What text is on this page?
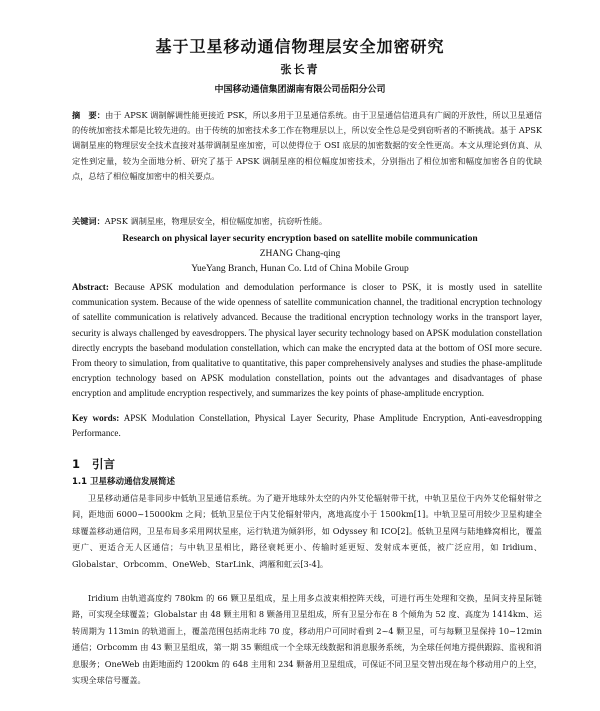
基于卫星移动通信物理层安全加密研究
张长青
中国移动通信集团湖南有限公司岳阳分公司
摘　要：由于 APSK 调制解调性能更接近 PSK，所以多用于卫星通信系统。由于卫星通信信道具有广阔的开放性，所以卫星通信的传统加密技术都是比较先进的。由于传统的加密技术多工作在物理层以上，所以安全性总是受到窃听者的不断挑战。基于 APSK 调制星座的物理层安全技术直接对基带调制星座加密，可以使得位于 OSI 底层的加密数据的安全性更高。本文从理论到仿真、从定性到定量，较为全面地分析、研究了基于 APSK 调制星座的相位幅度加密技术，分别指出了相位加密和幅度加密各自的优缺点，总结了相位幅度加密中的相关要点。
关键词：APSK 调制星座，物理层安全，相位幅度加密，抗窃听性能。
Research on physical layer security encryption based on satellite mobile communication
ZHANG Chang-qing
YueYang Branch, Hunan Co. Ltd of China Mobile Group
Abstract: Because APSK modulation and demodulation performance is closer to PSK, it is mostly used in satellite communication system. Because of the wide openness of satellite communication channel, the traditional encryption technology of satellite communication is relatively advanced. Because the traditional encryption technology works in the transport layer, security is always challenged by eavesdroppers. The physical layer security technology based on APSK modulation constellation directly encrypts the baseband modulation constellation, which can make the encrypted data at the bottom of OSI more secure. From theory to simulation, from qualitative to quantitative, this paper comprehensively analyses and studies the phase-amplitude encryption technology based on APSK modulation constellation, points out the advantages and disadvantages of phase encryption and amplitude encryption respectively, and summarizes the key points of phase-amplitude encryption.
Key words: APSK Modulation Constellation, Physical Layer Security, Phase Amplitude Encryption, Anti-eavesdropping Performance.
1 引言
1.1 卫星移动通信发展简述
卫星移动通信是非同步中低轨卫星通信系统。为了避开地球外太空的内外艾伦辐射带干扰，中轨卫星位于内外艾伦辐射带之间，距地面 6000~15000km 之间；低轨卫星位于内艾伦辐射带内，离地高度小于 1500km[1]。中轨卫星可用较少卫星构建全球覆盖移动通信网，卫星布局多采用网状星座，运行轨道为倾斜形，如 Odyssey 和 ICO[2]。低轨卫星网与陆地蜂窝相比，覆盖更广、更适合无人区通信；与中轨卫星相比，路径衰耗更小、传输时延更短、发射成本更低，被广泛应用，如 Iridium、Globalstar、Orbcomm、OneWeb、StarLink、鸿雁和虹云[3-4]。
Iridium 由轨道高度约 780km 的 66 颗卫星组成，星上用多点波束相控阵天线，可进行再生处理和交换，星间支持星际链路，可实现全球覆盖；Globalstar 由 48 颗主用和 8 颗备用卫星组成，所有卫星分布在 8 个倾角为 52 度、高度为 1414km、运转周期为 113min 的轨道面上，覆盖范围包括南北纬 70 度，移动用户可同时看到 2~4 颗卫星，可与每颗卫星保持 10~12min 通信；Orbcomm 由 43 颗卫星组成，第一期 35 颗组成一个全球无线数据和消息服务系统，为全球任何地方提供跟踪、监视和消息服务；OneWeb 由距地面约 1200km 的 648 主用和 234 颗备用卫星组成，可保证不同卫星交替出现在每个移动用户的上空，实现全球信号覆盖。
